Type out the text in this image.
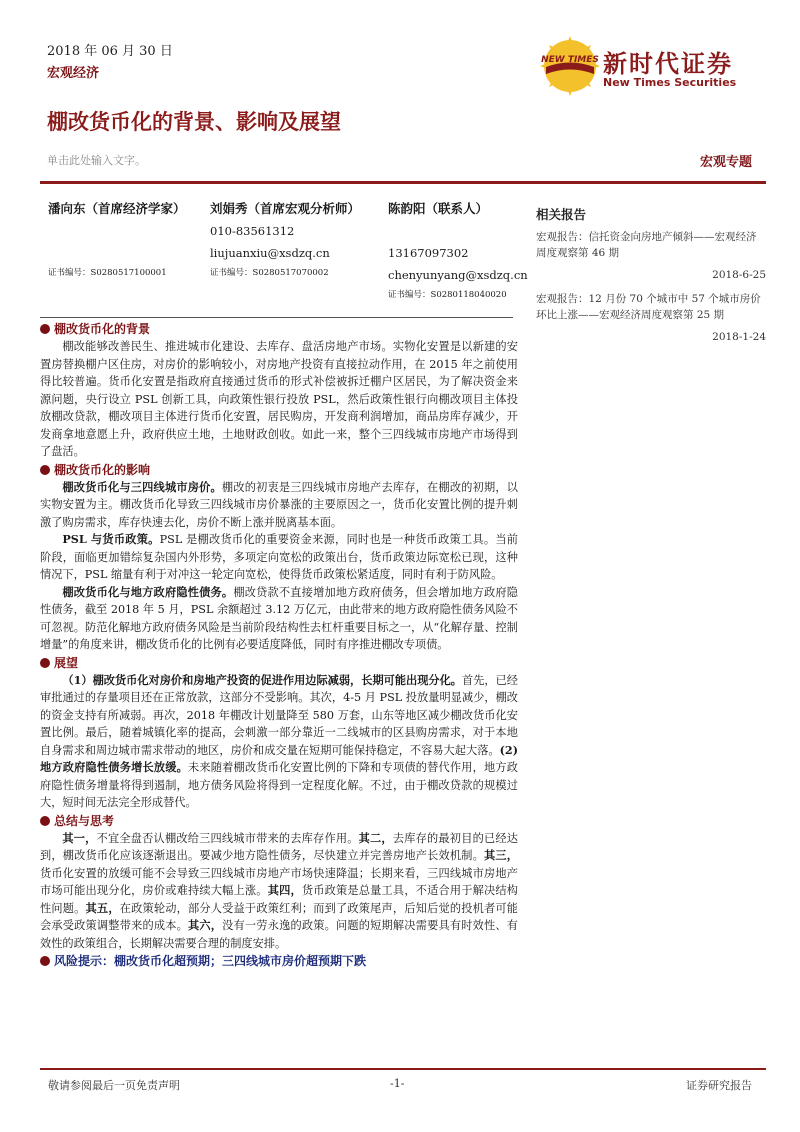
2018 年 06 月 30 日
宏观经济
NEW TIMES 新时代证券
New Times Securities
棚改货币化的背景、影响及展望
单击此处输入文字。	宏观专题
潘向东（首席经济学家）
证书编号：S0280517100001
刘娟秀（首席宏观分析师）
010-83561312
liujuanxiu@xsdzq.cn
证书编号：S0280517070002
陈韵阳（联系人）
13167097302
chenyunyang@xsdzq.cn
证书编号：S0280118040020
棚改货币化的背景

棚改能够改善民生、推进城市化建设、去库存、盘活房地产市场。实物化安置是以新建的安置房替换棚户区住房，对房价的影响较小，对房地产投资有直接拉动作用，在 2015 年之前使用得比较普遍。货币化安置是指政府直接通过货币的形式补偿被拆迁棚户区居民，为了解决资金来源问题，央行设立 PSL 创新工具，向政策性银行投放 PSL，然后政策性银行向棚改项目主体投放棚改贷款，棚改项目主体进行货币化安置，居民购房，开发商利润增加，商品房库存减少，开发商拿地意愿上升，政府供应土地，土地财政创收。如此一来，整个三四线城市房地产市场得到了盘活。

棚改货币化的影响

棚改货币化与三四线城市房价。棚改的初衷是三四线城市房地产去库存，在棚改的初期，以实物安置为主。棚改货币化导致三四线城市房价暴涨的主要原因之一，货币化安置比例的提升刺激了购房需求，库存快速去化，房价不断上涨并脱离基本面。

PSL 与货币政策。PSL 是棚改货币化的重要资金来源，同时也是一种货币政策工具。当前阶段，面临更加错综复杂国内外形势，多项定向宽松的政策出台，货币政策边际宽松已现，这种情况下，PSL 缩量有利于对冲这一轮定向宽松，使得货币政策松紧适度，同时有利于防风险。

棚改货币化与地方政府隐性债务。棚改贷款不直接增加地方政府债务，但会增加地方政府隐性债务，截至 2018 年 5 月，PSL 余额超过 3.12 万亿元，由此带来的地方政府隐性债务风险不可忽视。防范化解地方政府债务风险是当前阶段结构性去杠杆重要目标之一，从“化解存量、控制增量”的角度来讲，棚改货币化的比例有必要适度降低，同时有序推进棚改专项债。

展望

（1）棚改货币化对房价和房地产投资的促进作用边际减弱，长期可能出现分化。首先，已经审批通过的存量项目还在正常放款，这部分不受影响。其次，4-5 月 PSL 投放量明显减少，棚改的资金支持有所减弱。再次，2018 年棚改计划量降至 580 万套，山东等地区减少棚改货币化安置比例。最后，随着城镇化率的提高，会刺激一部分靠近一二线城市的区县购房需求，对于本地自身需求和周边城市需求带动的地区，房价和成交量在短期可能保持稳定，不容易大起大落。(2) 地方政府隐性债务增长放缓。未来随着棚改货币化安置比例的下降和专项债的替代作用，地方政府隐性债务增量将得到遏制，地方债务风险将得到一定程度化解。不过，由于棚改贷款的规模过大，短时间无法完全形成替代。

总结与思考

其一，不宜全盘否认棚改给三四线城市带来的去库存作用。其二，去库存的最初目的已经达到，棚改货币化应该逐渐退出。要减少地方隐性债务，尽快建立并完善房地产长效机制。其三，货币化安置的放缓可能不会导致三四线城市房地产市场快速降温；长期来看，三四线城市房地产市场可能出现分化，房价或难持续大幅上涨。其四，货币政策是总量工具，不适合用于解决结构性问题。其五，在政策轮动，部分人受益于政策红利；而到了政策尾声，后知后觉的投机者可能会承受政策调整带来的成本。其六，没有一劳永逸的政策。问题的短期解决需要具有时效性、有效性的政策组合，长期解决需要合理的制度安排。

风险提示：棚改货币化超预期；三四线城市房价超预期下跌
相关报告
宏观报告：信托资金向房地产倾斜——宏观经济周度观察第 46 期
2018-6-25
宏观报告：12 月份 70 个城市中 57 个城市房价环比上涨——宏观经济周度观察第 25 期
2018-1-24
敬请参阅最后一页免责声明	-1-	证券研究报告
